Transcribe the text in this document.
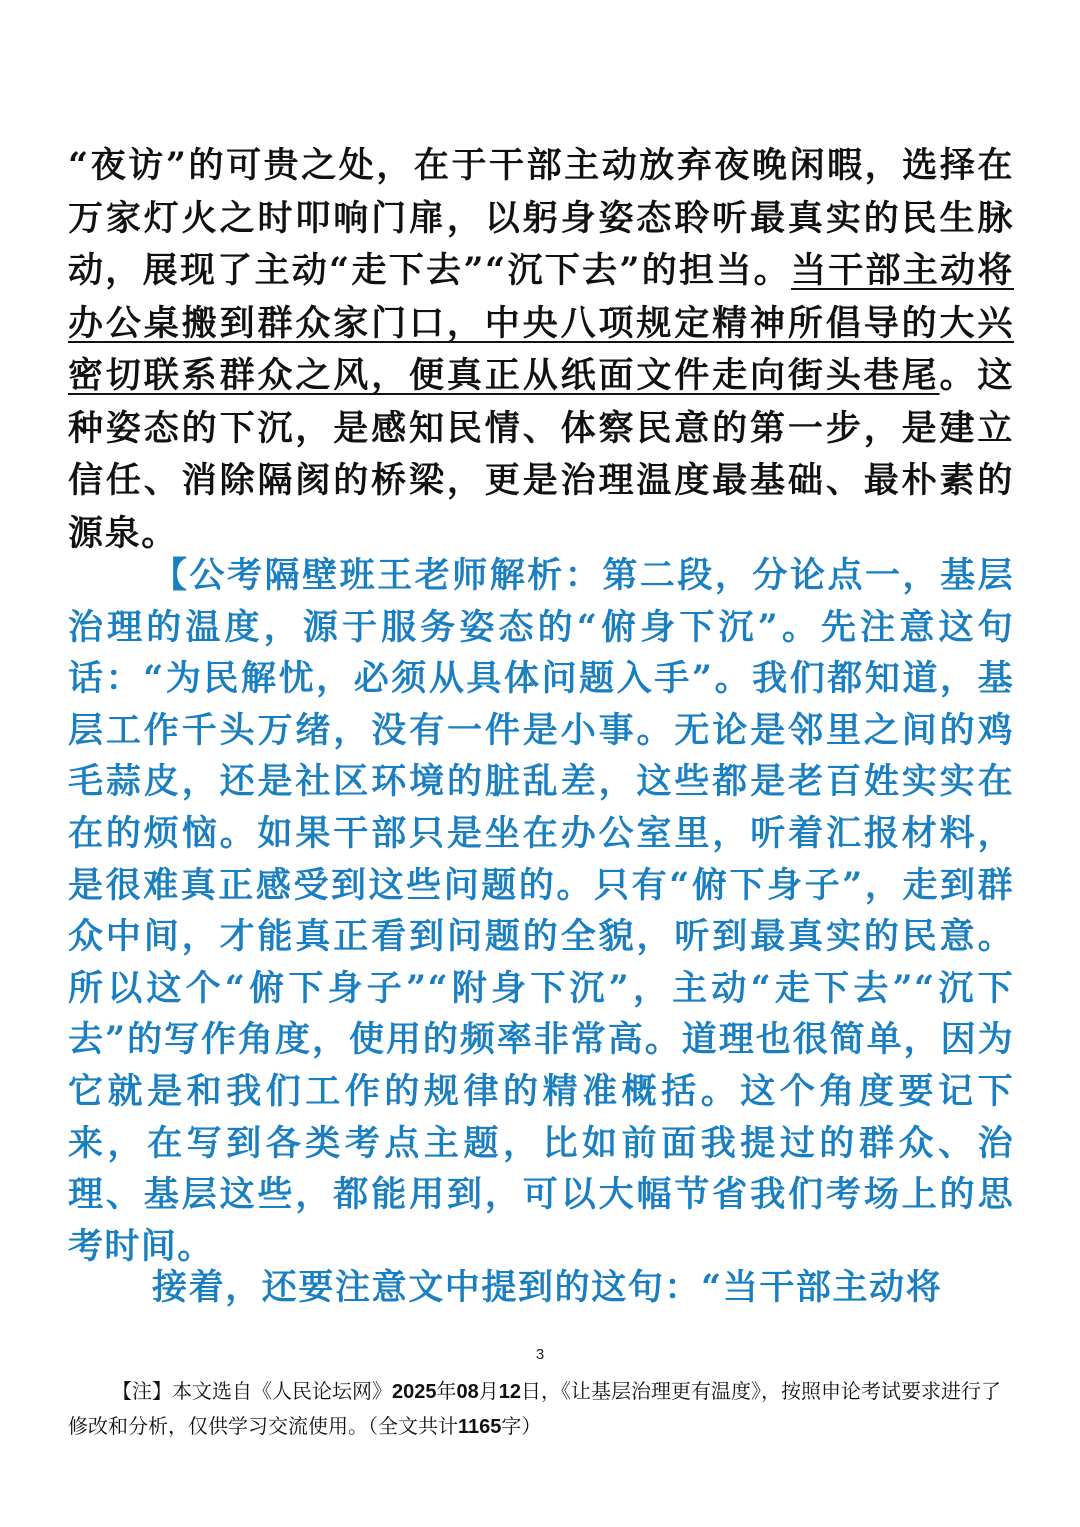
“夜访”的可贵之处，在于干部主动放弃夜晚闲暇，选择在万家灯火之时叩响门扉，以躬身姿态聆听最真实的民生脉动，展现了主动“走下去”“沉下去”的担当。当干部主动将办公桌搬到群众家门口，中央八项规定精神所倡导的大兴密切联系群众之风，便真正从纸面文件走向街头巷尾。这种姿态的下沉，是感知民情、体察民意的第一步，是建立信任、消除隔阂的桥梁，更是治理温度最基础、最朴素的源泉。

【公考隔壁班王老师解析：第二段，分论点一，基层治理的温度，源于服务姿态的“俯身下沉”。先注意这句话：“为民解忧，必须从具体问题入手”。我们都知道，基层工作千头万绪，没有一件是小事。无论是邻里之间的鸡毛蒜皮，还是社区环境的脏乱差，这些都是老百姓实实在在的烦恼。如果干部只是坐在办公室里，听着汇报材料，是很难真正感受到这些问题的。只有“俯下身子”，走到群众中间，才能真正看到问题的全貌，听到最真实的民意。所以这个“俯下身子”“附身下沉”，主动“走下去”“沉下去”的写作角度，使用的频率非常高。道理也很简单，因为它就是和我们工作的规律的精准概括。这个角度要记下来，在写到各类考点主题，比如前面我提过的群众、治理、基层这些，都能用到，可以大幅节省我们考场上的思考时间。

接着，还要注意文中提到的这句：“当干部主动将

3

【注】本文选自《人民论坛网》2025年08月12日，《让基层治理更有温度》，按照申论考试要求进行了修改和分析，仅供学习交流使用。（全文共计1165字）
